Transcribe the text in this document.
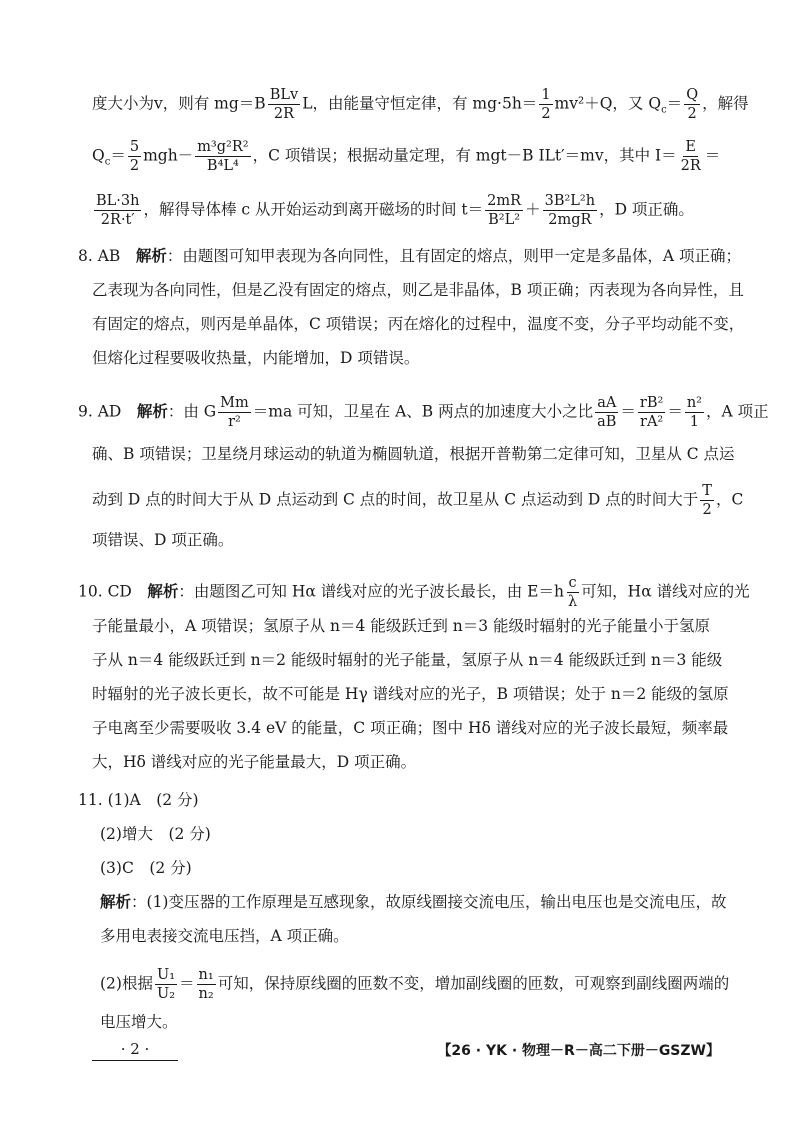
度大小为v，则有 mg＝B BLv
2R
L，由能量守恒定律，有 $mg\cdot 5h= \frac{1}{2} mv^2+Q$，又 $Q_c= \frac{Q}{2}$ ，解得
$Q_c= \frac{5}{2} mgh- \frac{\text{m³g²R²}}{\text{B⁴L⁴}}$ ，C 项错误；根据动量定理，有 mgt－B ILt′＝mv，其中 $I= \frac{E}{2R}$ ＝
$\frac{BL\cdot 3h}{2R\cdot t'}$ ，解得导体棒 c 从开始运动到离开磁场的时间 $t= \frac{2mR}{\text{B²L²}} + 3B^2L^2h$
2mgR
，D 项正确。
8. AB　解析：由题图可知甲表现为各向同性，且有固定的熔点，则甲一定是多晶体，A 项正确；
乙表现为各向同性，但是乙没有固定的熔点，则乙是非晶体，B 项正确；丙表现为各向异性，且
有固定的熔点，则丙是单晶体，C 项错误；丙在熔化的过程中，温度不变，分子平均动能不变，
但熔化过程要吸收热量，内能增加，D 项错误。
9. AD　解析：由 G $\frac{Mm}{\text{r²}} =ma$ 可知，卫星在 A、B 两点的加速度大小之比 $\frac{aA}{aB} = \frac{\text{rB²}}{\text{rA²}} = \frac{\text{n²}}{1}$ ，A 项正
确、B 项错误；卫星绕月球运动的轨道为椭圆轨道，根据开普勒第二定律可知，卫星从 C 点运
动到 D 点的时间大于从 D 点运动到 C 点的时间，故卫星从 C 点运动到 D 点的时间大于 $\frac{T}{2}$ ，C
项错误、D 项正确。
10. CD　解析：由题图乙可知 Hα 谱线对应的光子波长最长，由 $E=h \frac{c}{\lambda}$ 可知，Hα 谱线对应的光
子能量最小，A 项错误；氢原子从 n＝4 能级跃迁到 n＝3 能级时辐射的光子能量小于氢原
子从 n＝4 能级跃迁到 n＝2 能级时辐射的光子能量，氢原子从 n＝4 能级跃迁到 n＝3 能级
时辐射的光子波长更长，故不可能是 Hγ 谱线对应的光子，B 项错误；处于 n＝2 能级的氢原
子电离至少需要吸收 3.4 eV 的能量，C 项正确；图中 Hδ 谱线对应的光子波长最短，频率最
大，Hδ 谱线对应的光子能量最大，D 项正确。
11. (1)A　(2 分)
(2)增大　(2 分)
(3)C　(2 分)
解析：(1)变压器的工作原理是互感现象，故原线圈接交流电压，输出电压也是交流电压，故
多用电表接交流电压挡，A 项正确。
(2)根据 $\frac{\text{U₁}}{\text{U₂}} = \frac{\text{n₁}}{\text{n₂}}$ 可知，保持原线圈的匝数不变，增加副线圈的匝数，可观察到副线圈两端的
电压增大。
· 2 ·	【26 · YK · 物理－R－高二下册－GSZW】
